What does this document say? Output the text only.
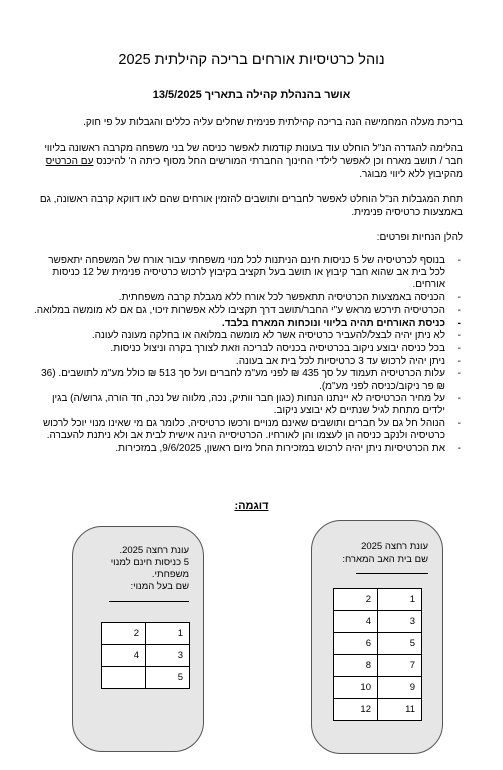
נוהל כרטיסיות אורחים בריכה קהילתית 2025
אושר בהנהלת קהילה בתאריך 13/5/2025
בריכת מעלה המחמישה הנה בריכה קהילתית פנימית שחלים עליה כללים והגבלות על פי חוק.
בהלימה להגדרה הנ"ל הוחלט עוד בעונות קודמות לאפשר כניסה של בני משפחה מקרבה ראשונה בליווי חבר / תושב מארח וכן לאפשר לילדי החינוך החברתי המורשים החל מסוף כיתה ה' להיכנס עם הכרטיס מהקיבוץ ללא ליווי מבוגר.
תחת המגבלות הנ"ל הוחלט לאפשר לחברים ותושבים להזמין אורחים שהם לאו דווקא קרבה ראשונה, גם באמצעות כרטיסיה פנימית.
להלן הנחיות ופרטים:
- בנוסף לכרטיסיה של 5 כניסות חינם הניתנות לכל מנוי משפחתי עבור אורח של המשפחה יתאפשר לכל בית אב שהוא חבר קיבוץ או תושב בעל תקציב בקיבוץ לרכוש כרטיסיה פנימית של 12 כניסות אורחים.
- הכניסה באמצעות הכרטיסיה תתאפשר לכל אורח ללא מגבלת קרבה משפחתית.
- הכרטיסיה תירכש מראש ע"י החבר/תושב דרך תקציבו ללא אפשרות זיכוי, גם אם לא מומשה במלואה.
- כניסת האורחים תהיה בליווי ונוכחות המארח בלבד.
- לא ניתן יהיה לבצל/להעביר כרטיסיה אשר לא מומשה במלואה או בחלקה מעונה לעונה.
- בכל כניסה יבוצע ניקוב בכרטיסיה בכניסה לבריכה וזאת לצורך בקרה וניצול כניסות.
- ניתן יהיה לרכוש עד 3 כרטיסיות לכל בית אב בעונה.
- עלות הכרטיסיה תעמוד על סך 435 ₪ לפני מע"מ לחברים ועל סך 513 ₪ כולל מע"מ לתושבים. (36 ₪ פר ניקוב/כניסה לפני מע"מ).
- על מחיר הכרטיסיה לא יינתנו הנחות (כגון חבר וותיק, נכה, מלווה של נכה, חד הורה, גרוש/ה) בגין ילדים מתחת לגיל שנתיים לא יבוצע ניקוב.
- הנוהל חל גם על חברים ותושבים שאינם מנויים ורכשו כרטיסיה, כלומר גם מי שאינו מנוי יוכל לרכוש כרטיסיה ולנקב כניסה הן לעצמו והן לאורחיו. הכרטיסייה הינה אישית לבית אב ולא ניתנת להעברה.
- את הכרטיסיות ניתן יהיה לרכוש במזכירות החל מיום ראשון, 9/6/2025, במזכירות.
דוגמה:
עונת רחצה 2025
שם בית האב המארח:
1	2
3	4
5	6
7	8
9	10
11	12
עונת רחצה 2025.
5 כניסות חינם למנוי
משפחתי.
שם בעל המנוי:
1	2
3	4
5	
